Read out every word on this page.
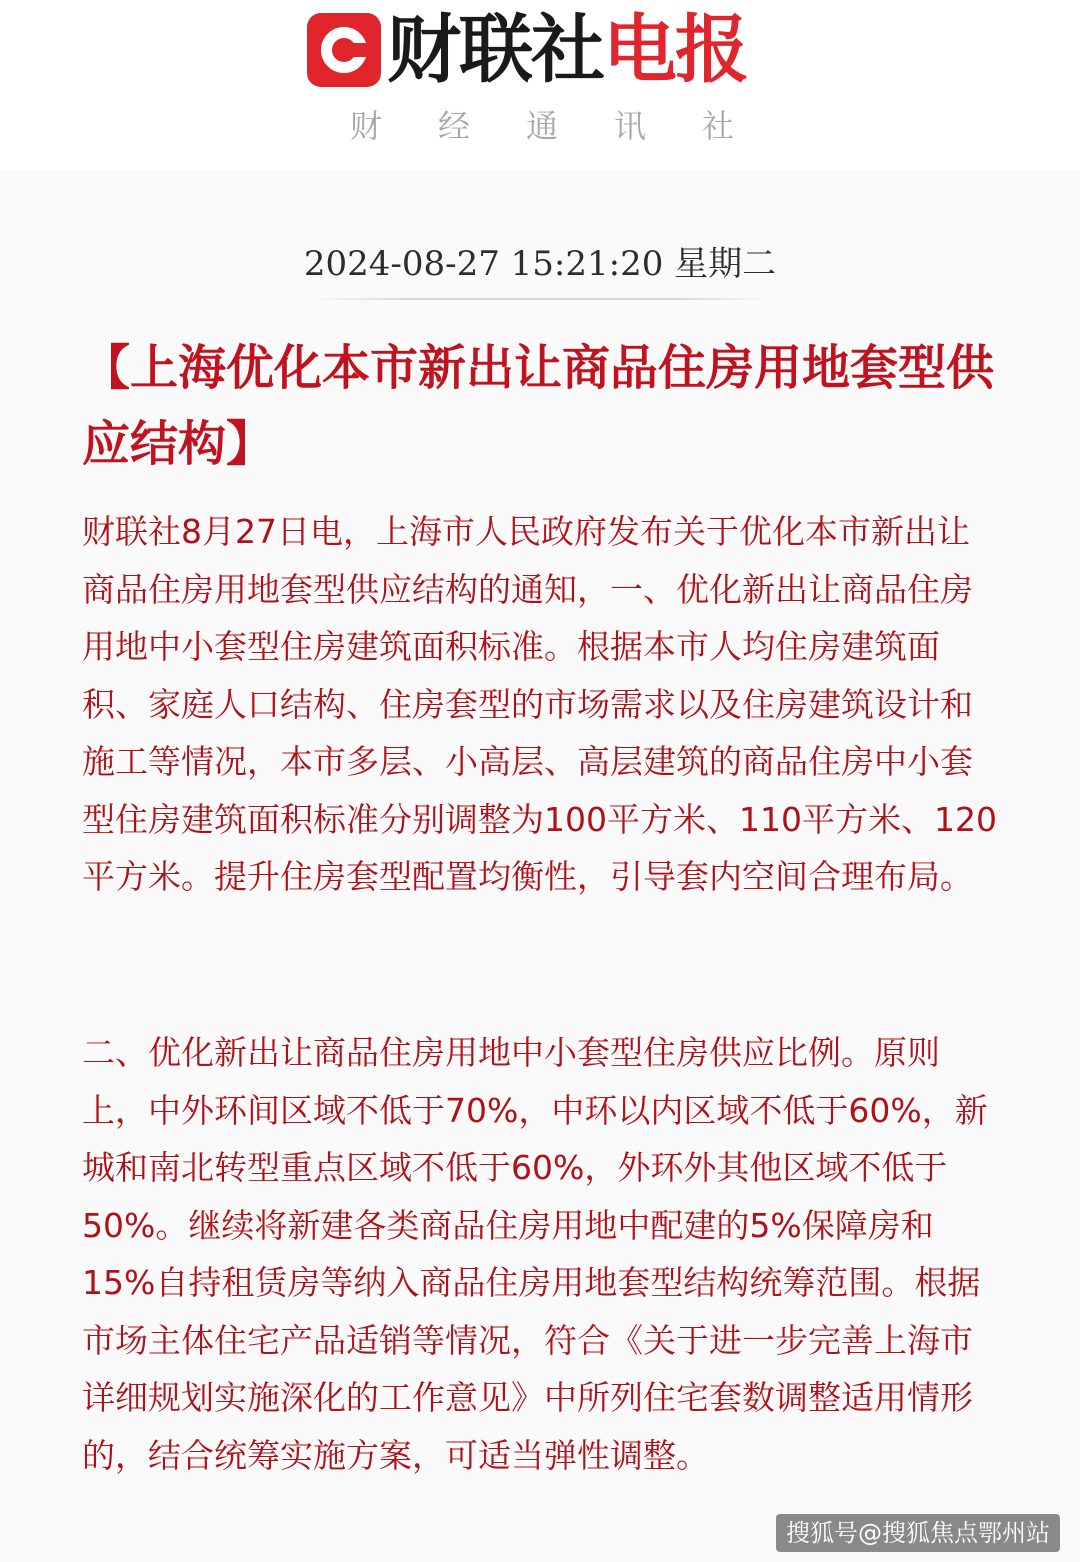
财联社 电报
财经通讯社
2024-08-27 15:21:20 星期二
【上海优化本市新出让商品住房用地套型供应结构】

财联社8月27日电，上海市人民政府发布关于优化本市新出让商品住房用地套型供应结构的通知，一、优化新出让商品住房用地中小套型住房建筑面积标准。根据本市人均住房建筑面积、家庭人口结构、住房套型的市场需求以及住房建筑设计和施工等情况，本市多层、小高层、高层建筑的商品住房中小套型住房建筑面积标准分别调整为100平方米、110平方米、120平方米。提升住房套型配置均衡性，引导套内空间合理布局。

二、优化新出让商品住房用地中小套型住房供应比例。原则上，中外环间区域不低于70%，中环以内区域不低于60%，新城和南北转型重点区域不低于60%，外环外其他区域不低于50%。继续将新建各类商品住房用地中配建的5%保障房和15%自持租赁房等纳入商品住房用地套型结构统筹范围。根据市场主体住宅产品适销等情况，符合《关于进一步完善上海市详细规划实施深化的工作意见》中所列住宅套数调整适用情形的，结合统筹实施方案，可适当弹性调整。

搜狐号@搜狐焦点鄂州站
